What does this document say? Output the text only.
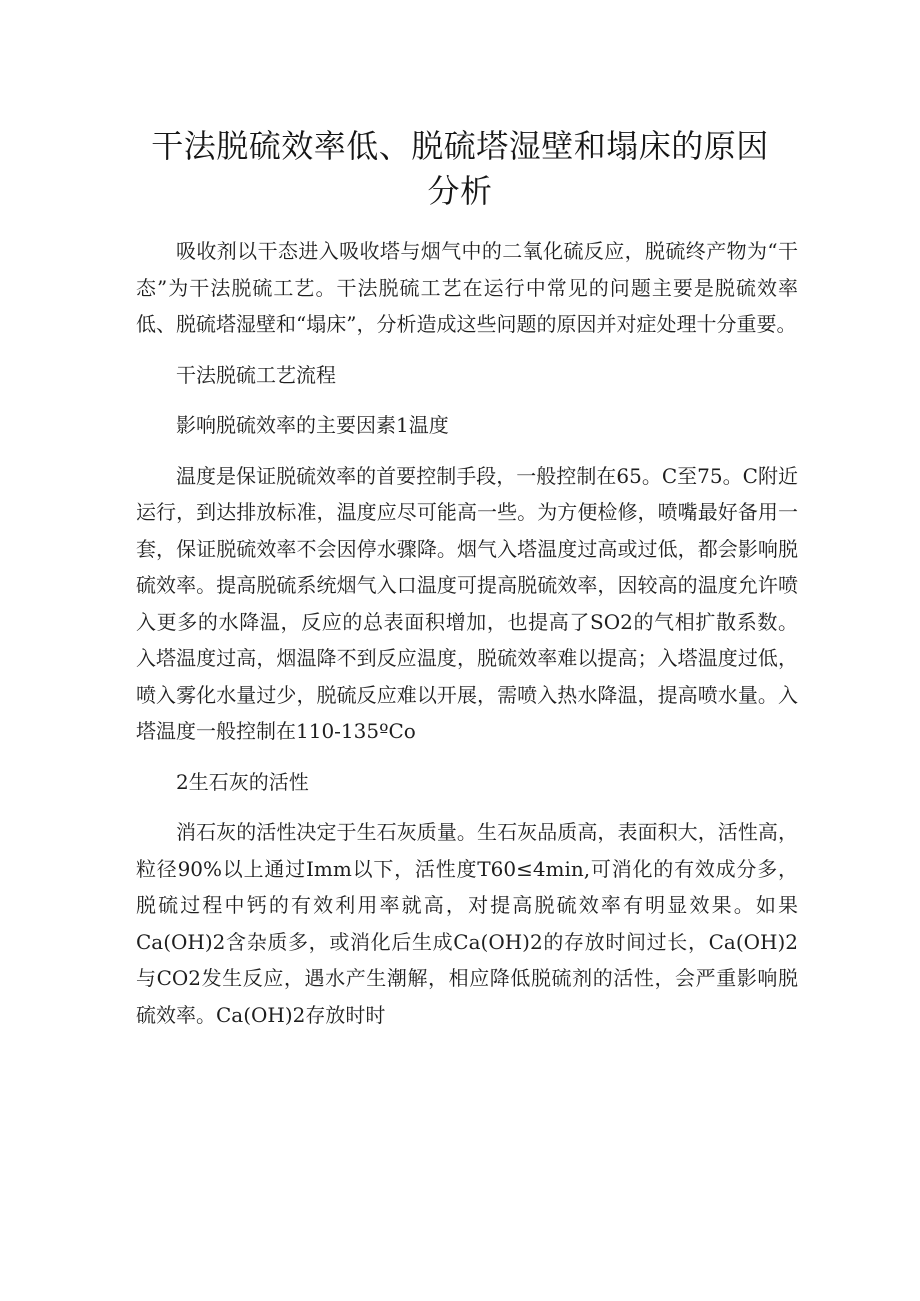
干法脱硫效率低、脱硫塔湿壁和塌床的原因
分析

吸收剂以干态进入吸收塔与烟气中的二氧化硫反应，脱硫终产物为“干态”为干法脱硫工艺。干法脱硫工艺在运行中常见的问题主要是脱硫效率低、脱硫塔湿壁和“塌床”，分析造成这些问题的原因并对症处理十分重要。

干法脱硫工艺流程

影响脱硫效率的主要因素1温度

温度是保证脱硫效率的首要控制手段，一般控制在65。C至75。C附近运行，到达排放标准，温度应尽可能高一些。为方便检修，喷嘴最好备用一套，保证脱硫效率不会因停水骤降。烟气入塔温度过高或过低，都会影响脱硫效率。提高脱硫系统烟气入口温度可提高脱硫效率，因较高的温度允许喷入更多的水降温，反应的总表面积增加，也提高了SO2的气相扩散系数。入塔温度过高，烟温降不到反应温度，脱硫效率难以提高；入塔温度过低，喷入雾化水量过少，脱硫反应难以开展，需喷入热水降温，提高喷水量。入塔温度一般控制在110-135ºCo

2生石灰的活性

消石灰的活性决定于生石灰质量。生石灰品质高，表面积大，活性高，粒径90%以上通过Imm以下，活性度T60≤4min,可消化的有效成分多，脱硫过程中钙的有效利用率就高，对提高脱硫效率有明显效果。如果Ca(OH)2含杂质多，或消化后生成Ca(OH)2的存放时间过长，Ca(OH)2与CO2发生反应，遇水产生潮解，相应降低脱硫剂的活性，会严重影响脱硫效率。Ca(OH)2存放时时
